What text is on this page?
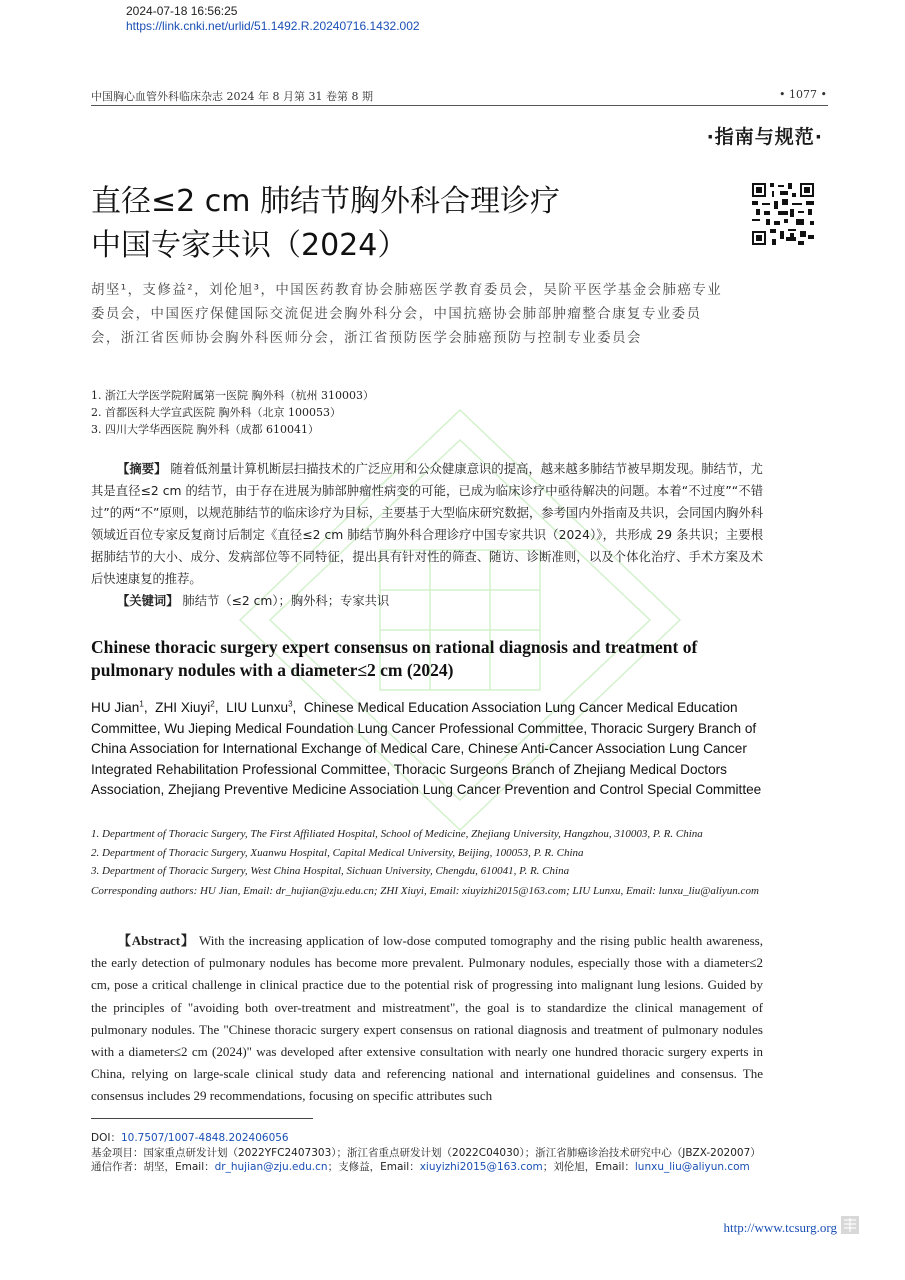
2024-07-18 16:56:25
https://link.cnki.net/urlid/51.1492.R.20240716.1432.002
中国胸心血管外科临床杂志 2024 年 8 月第 31 卷第 8 期	• 1077 •
·指南与规范·
直径≤2 cm 肺结节胸外科合理诊疗
中国专家共识（2024）
胡坚¹，支修益²，刘伦旭³，中国医药教育协会肺癌医学教育委员会，吴阶平医学基金会肺癌专业委员会，中国医疗保健国际交流促进会胸外科分会，中国抗癌协会肺部肿瘤整合康复专业委员会，浙江省医师协会胸外科医师分会，浙江省预防医学会肺癌预防与控制专业委员会
1. 浙江大学医学院附属第一医院 胸外科（杭州 310003）
2. 首都医科大学宣武医院 胸外科（北京 100053）
3. 四川大学华西医院 胸外科（成都 610041）
【摘要】 随着低剂量计算机断层扫描技术的广泛应用和公众健康意识的提高，越来越多肺结节被早期发现。肺结节，尤其是直径≤2 cm 的结节，由于存在进展为肺部肿瘤性病变的可能，已成为临床诊疗中亟待解决的问题。本着“不过度”“不错过”的两“不”原则，以规范肺结节的临床诊疗为目标，主要基于大型临床研究数据，参考国内外指南及共识，会同国内胸外科领域近百位专家反复商讨后制定《直径≤2 cm 肺结节胸外科合理诊疗中国专家共识（2024）》，共形成 29 条共识；主要根据肺结节的大小、成分、发病部位等不同特征，提出具有针对性的筛查、随访、诊断准则，以及个体化治疗、手术方案及术后快速康复的推荐。
【关键词】 肺结节（≤2 cm）；胸外科；专家共识
Chinese thoracic surgery expert consensus on rational diagnosis and treatment of pulmonary nodules with a diameter≤2 cm (2024)
HU Jian$^1$,  ZHI Xiuyi$^2$,  LIU Lunxu$^3$,  Chinese Medical Education Association Lung Cancer Medical Education Committee, Wu Jieping Medical Foundation Lung Cancer Professional Committee, Thoracic Surgery Branch of China Association for International Exchange of Medical Care, Chinese Anti-Cancer Association Lung Cancer Integrated Rehabilitation Professional Committee, Thoracic Surgeons Branch of Zhejiang Medical Doctors Association, Zhejiang Preventive Medicine Association Lung Cancer Prevention and Control Special Committee
1. Department of Thoracic Surgery, The First Affiliated Hospital, School of Medicine, Zhejiang University, Hangzhou, 310003, P. R. China
2. Department of Thoracic Surgery, Xuanwu Hospital, Capital Medical University, Beijing, 100053, P. R. China
3. Department of Thoracic Surgery, West China Hospital, Sichuan University, Chengdu, 610041, P. R. China
Corresponding authors: HU Jian, Email: dr_hujian@zju.edu.cn; ZHI Xiuyi, Email: xiuyizhi2015@163.com; LIU Lunxu, Email: lunxu_liu@aliyun.com
【Abstract】 With the increasing application of low-dose computed tomography and the rising public health awareness, the early detection of pulmonary nodules has become more prevalent. Pulmonary nodules, especially those with a diameter≤2 cm, pose a critical challenge in clinical practice due to the potential risk of progressing into malignant lung lesions. Guided by the principles of "avoiding both over-treatment and mistreatment", the goal is to standardize the clinical management of pulmonary nodules. The "Chinese thoracic surgery expert consensus on rational diagnosis and treatment of pulmonary nodules with a diameter≤2 cm (2024)" was developed after extensive consultation with nearly one hundred thoracic surgery experts in China, relying on large-scale clinical study data and referencing national and international guidelines and consensus. The consensus includes 29 recommendations, focusing on specific attributes such
DOI：10.7507/1007-4848.202406056
基金项目：国家重点研发计划（2022YFC2407303）；浙江省重点研发计划（2022C04030）；浙江省肺癌诊治技术研究中心（JBZX-202007）
通信作者：胡坚，Email：dr_hujian@zju.edu.cn；支修益，Email：xiuyizhi2015@163.com；刘伦旭，Email：lunxu_liu@aliyun.com
http://www.tcsurg.org
